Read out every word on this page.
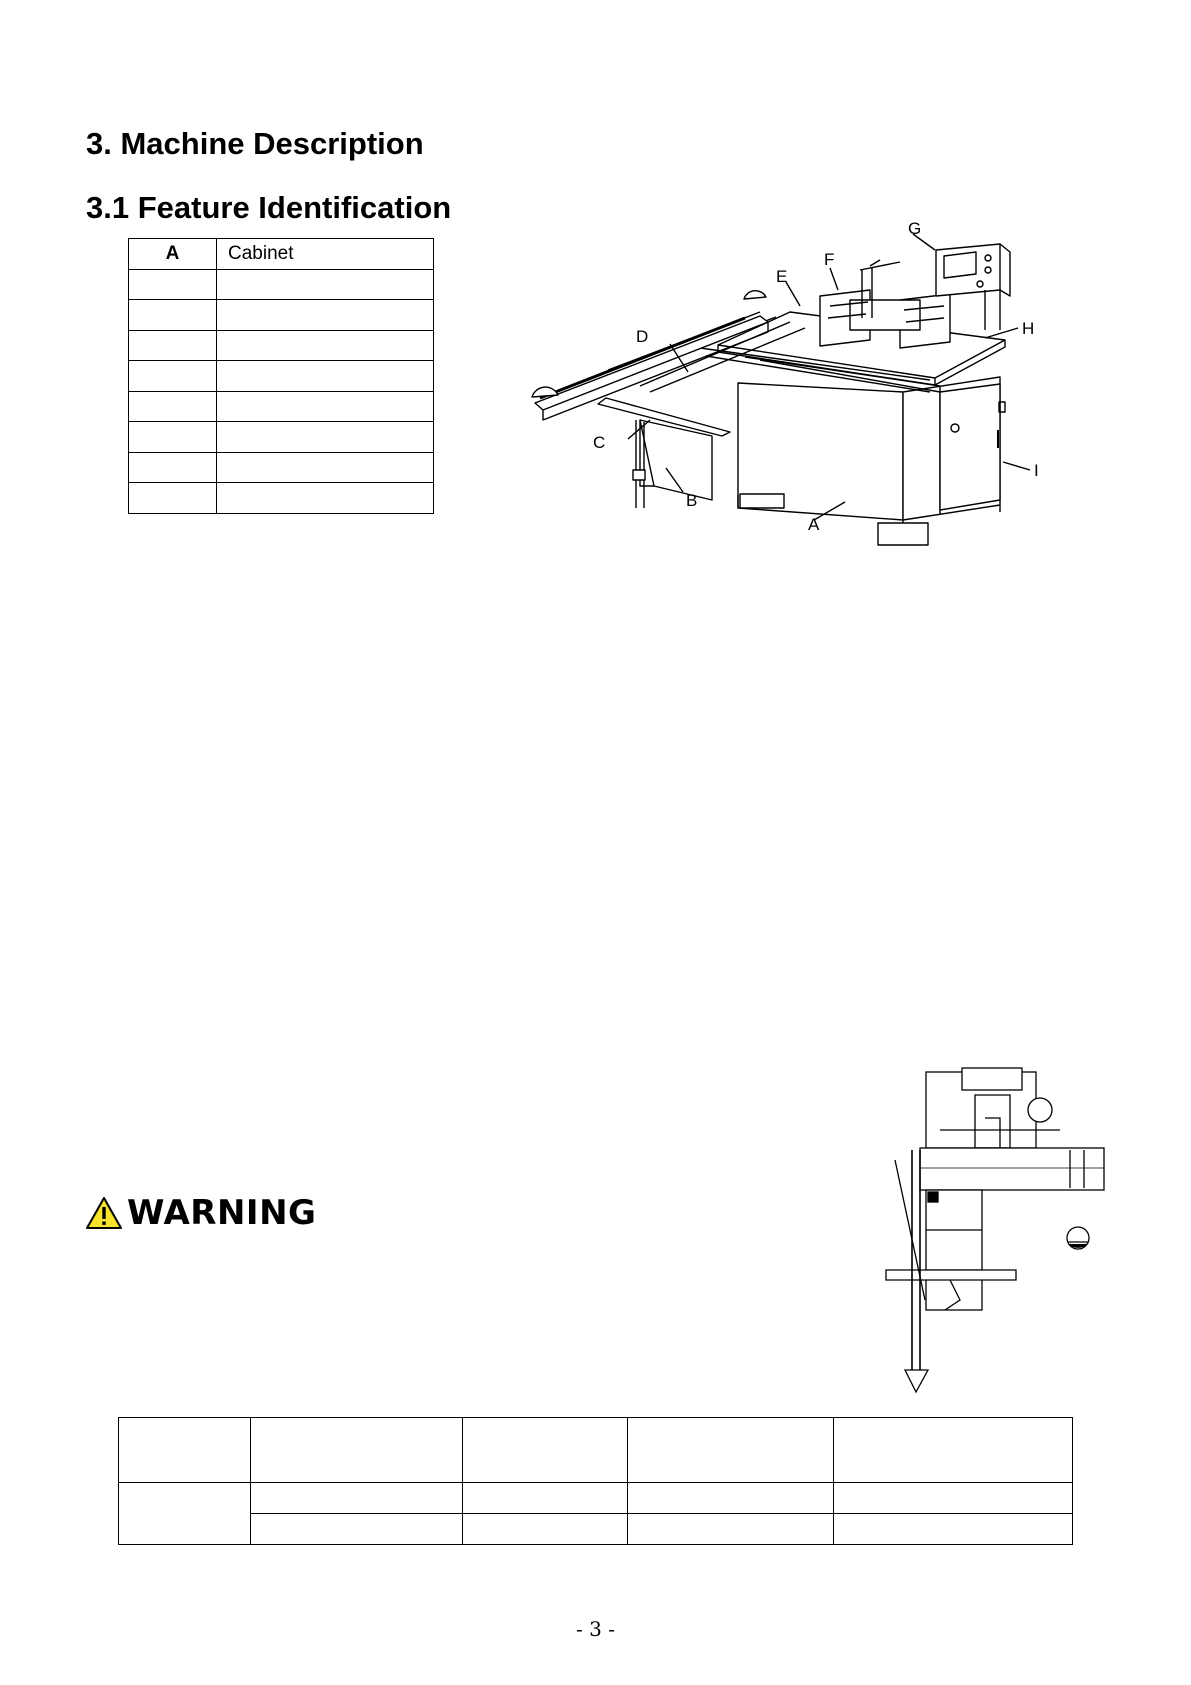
3. Machine Description
3.1 Feature Identification
A	Cabinet

G
F
E
H
D
C
B
I
A
WARNING

- 3 -
